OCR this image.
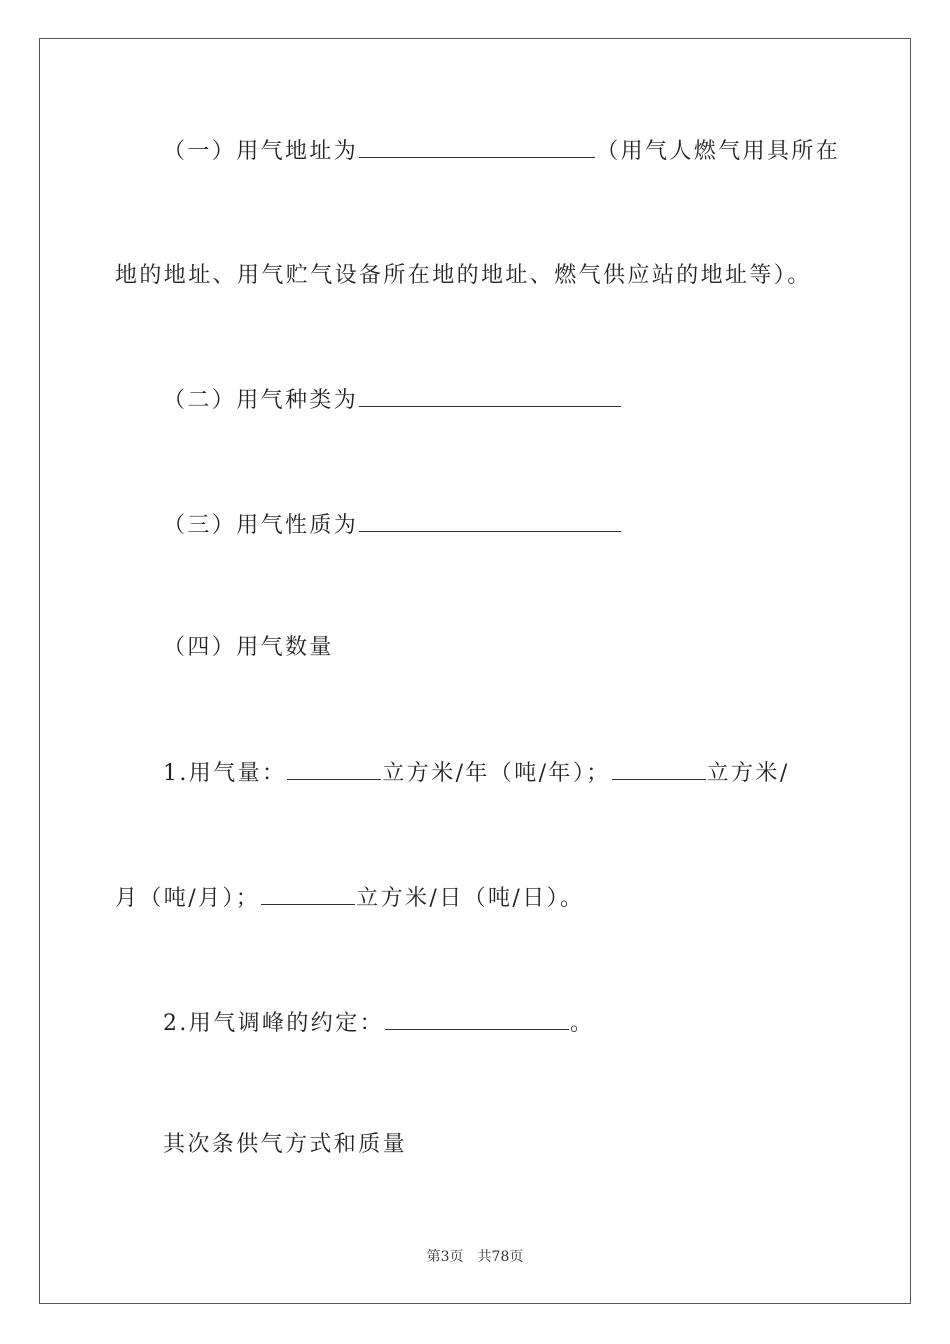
（一）用气地址为	（用气人燃气用具所在
地的地址、用气贮气设备所在地的地址、燃气供应站的地址等）。
（二）用气种类为
（三）用气性质为
（四）用气数量
1.用气量：	立方米/年（吨/年）；	立方米/
月（吨/月）；	立方米/日（吨/日）。
2.用气调峰的约定：	。
其次条供气方式和质量
第3页 共78页
